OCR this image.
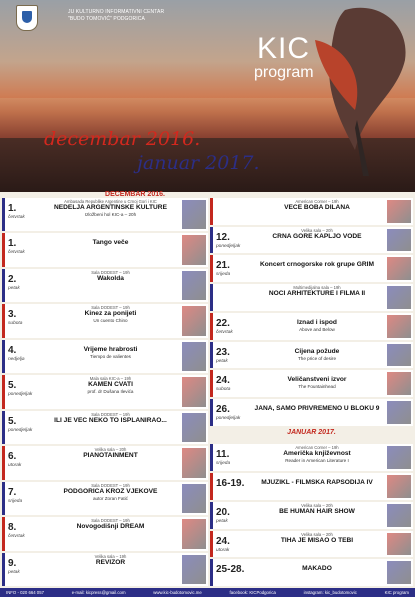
JU KULTURNO INFORMATIVNI CENTAR "BUDO TOMOVIĆ" PODGORICA
KIC
program
decembar 2016.
januar 2017.
DECEMBAR 2016.
1.
četvrtak
Ambasada Republike Argentine u Crnoj Gori i KIC
Izložbeni hol KIC-a – 20h
NEDELJA ARGENTINSKE KULTURE
1.
četvrtak
Tango veče
2.
petak
Sala DODEST – 19h
Wakolda
3.
subota
Sala DODEST – 19h
Un cuento Chino
Kinez za ponijeti
4.
nedjelja
Tiempo de valientes
Vrijeme hrabrosti
5.
ponedjeljak
Mala sala KIC-a – 19h
prof. dr Dušana Ilevića
KAMEN CVATI
5.
ponedjeljak
Sala DODEST – 19h
ILI JE VEĆ NEKO TO ISPLANIRAO...
6.
utorak
Velika sala – 20h
PIANOTAINMENT
7.
srijeda
Sala DODEST – 19h
autor Zoran Fatić
PODGORICA KROZ VJEKOVE
8.
četvrtak
Sala DODEST – 19h
Novogodišnji DREAM
9.
petak
Velika sala – 19h
REVIZOR
American Corner – 19h
VEČE BOBA DILANA
12.
ponedjeljak
Velika sala – 20h
CRNA GORE KAPLJO VODE
21.
srijeda
Koncert crnogorske rok grupe GRIM
Multimedijalna sala – 19h
NOĆI ARHITEKTURE I FILMA II
22.
četvrtak
Above and Below
Iznad i ispod
23.
petak
The price of desire
Cijena požude
24.
subota
The Fountainhead
Veličanstveni izvor
26.
ponedjeljak
JANA, SAMO PRIVREMENO U BLOKU 9
JANUAR 2017.
11.
srijeda
American Corner – 19h
Reader in American Literature I
Američka književnost
16-19.	MJUZIKL - FILMSKA RAPSODIJA IV
20.
petak
Velika sala – 20h
BE HUMAN HAIR SHOW
24.
utorak
Velika sala – 20h
TIHA JE MISAO O TEBI
25-28.	MAKADO
INFO - 020 664 057	e-mail: kicpress@gmail.com	www.kic-budotomovic.me	facebook: KICPodgorica	instagram: kic_budotomovic	KIC program
